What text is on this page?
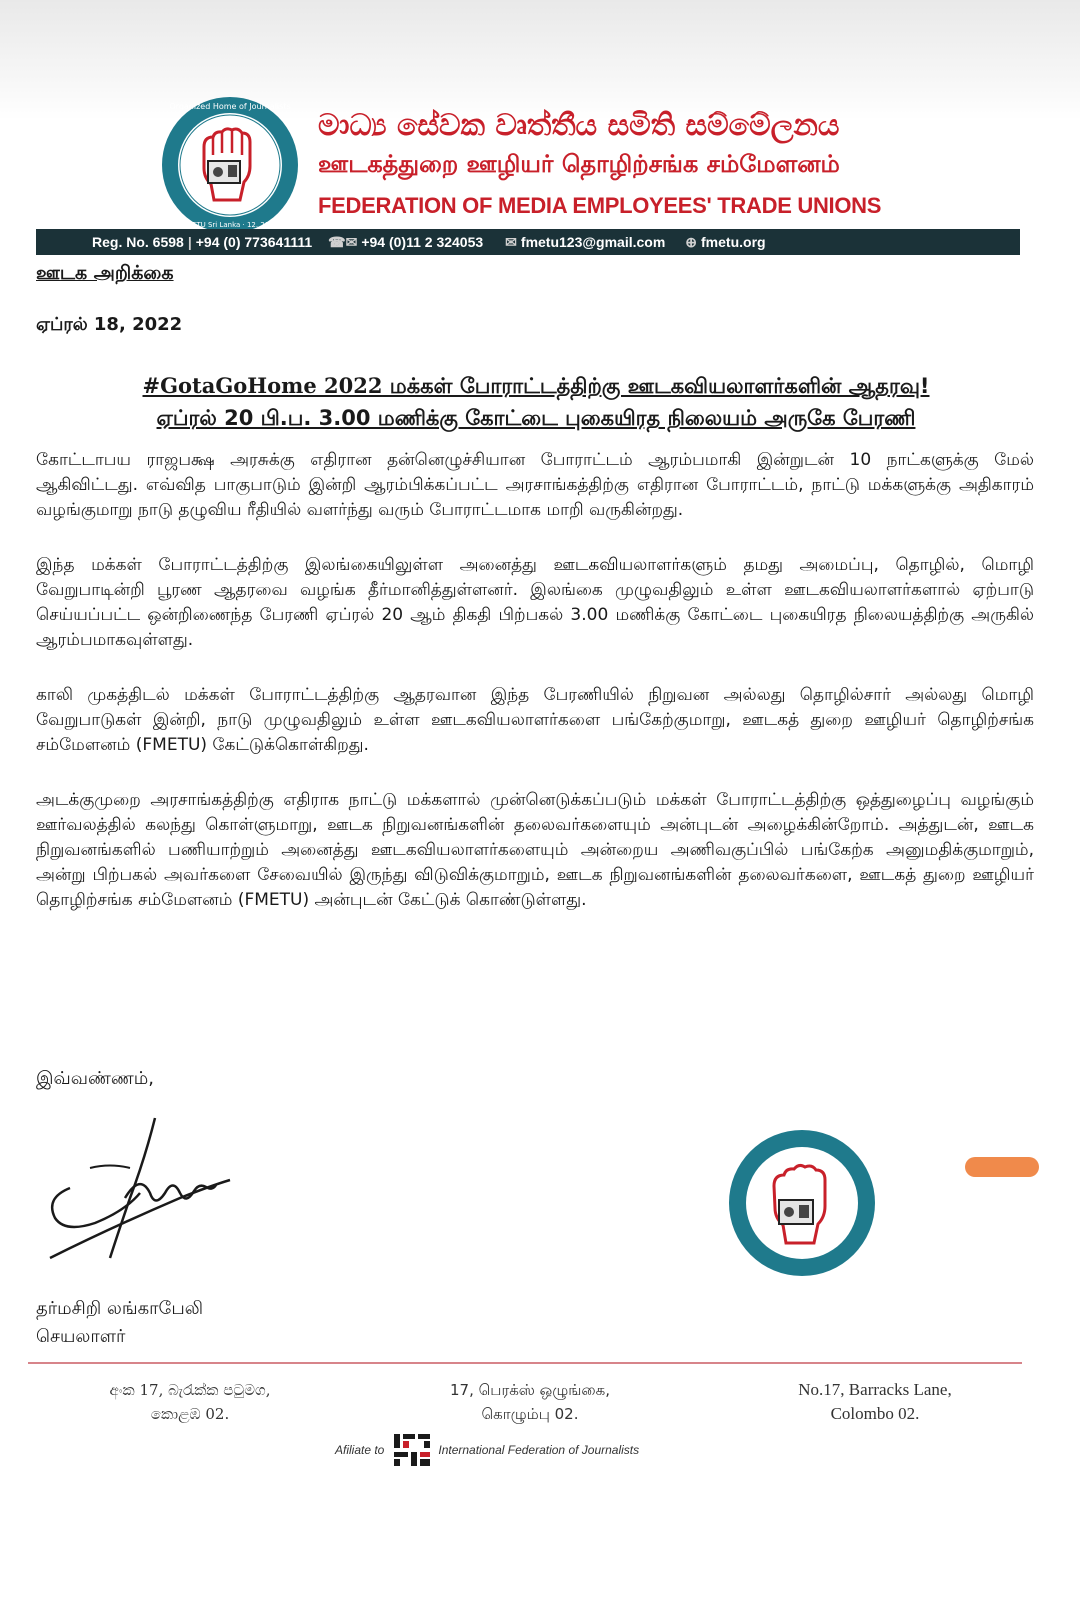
Organized Home of Journalists
FMETU Sri Lanka · 12. 2018
මාධ්‍ය සේවක වෘත්තීය සමිති සම්මේලනය
ஊடகத்துறை ஊழியர் தொழிற்சங்க சம்மேளனம்
FEDERATION OF MEDIA EMPLOYEES' TRADE UNIONS
Reg. No. 6598 | +94 (0) 773641111 ☎✉ +94 (0)11 2 324053 ✉ fmetu123@gmail.com ⊕ fmetu.org
ஊடக அறிக்கை
ஏப்ரல் 18, 2022
#GotaGoHome 2022 மக்கள் போராட்டத்திற்கு ஊடகவியலாளர்களின் ஆதரவு!
ஏப்ரல் 20 பி.ப. 3.00 மணிக்கு கோட்டை புகையிரத நிலையம் அருகே பேரணி

கோட்டாபய ராஜபக்ஷ அரசுக்கு எதிரான தன்னெழுச்சியான போராட்டம் ஆரம்பமாகி இன்றுடன் 10 நாட்களுக்கு மேல் ஆகிவிட்டது. எவ்வித பாகுபாடும் இன்றி ஆரம்பிக்கப்பட்ட அரசாங்கத்திற்கு எதிரான போராட்டம், நாட்டு மக்களுக்கு அதிகாரம் வழங்குமாறு நாடு தழுவிய ரீதியில் வளர்ந்து வரும் போராட்டமாக மாறி வருகின்றது.

இந்த மக்கள் போராட்டத்திற்கு இலங்கையிலுள்ள அனைத்து ஊடகவியலாளர்களும் தமது அமைப்பு, தொழில், மொழி வேறுபாடின்றி பூரண ஆதரவை வழங்க தீர்மானித்துள்ளனர். இலங்கை முழுவதிலும் உள்ள ஊடகவியலாளர்களால் ஏற்பாடு செய்யப்பட்ட ஒன்றிணைந்த பேரணி ஏப்ரல் 20 ஆம் திகதி பிற்பகல் 3.00 மணிக்கு கோட்டை புகையிரத நிலையத்திற்கு அருகில் ஆரம்பமாகவுள்ளது.

காலி முகத்திடல் மக்கள் போராட்டத்திற்கு ஆதரவான இந்த பேரணியில் நிறுவன அல்லது தொழில்சார் அல்லது மொழி வேறுபாடுகள் இன்றி, நாடு முழுவதிலும் உள்ள ஊடகவியலாளர்களை பங்கேற்குமாறு, ஊடகத் துறை ஊழியர் தொழிற்சங்க சம்மேளனம் (FMETU) கேட்டுக்கொள்கிறது.

அடக்குமுறை அரசாங்கத்திற்கு எதிராக நாட்டு மக்களால் முன்னெடுக்கப்படும் மக்கள் போராட்டத்திற்கு ஒத்துழைப்பு வழங்கும் ஊர்வலத்தில் கலந்து கொள்ளுமாறு, ஊடக நிறுவனங்களின் தலைவர்களையும் அன்புடன் அழைக்கின்றோம். அத்துடன், ஊடக நிறுவனங்களில் பணியாற்றும் அனைத்து ஊடகவியலாளர்களையும் அன்றைய அணிவகுப்பில் பங்கேற்க அனுமதிக்குமாறும், அன்று பிற்பகல் அவர்களை சேவையில் இருந்து விடுவிக்குமாறும், ஊடக நிறுவனங்களின் தலைவர்களை, ஊடகத் துறை ஊழியர் தொழிற்சங்க சம்மேளனம் (FMETU) அன்புடன் கேட்டுக் கொண்டுள்ளது.

இவ்வண்ணம்,
தர்மசிறி லங்காபேலி
செயலாளர்
අංක 17, බැරැක්ක පටුමග,
කොළඹ 02.
17, பெரக்ஸ் ஒழுங்கை,
கொழும்பு 02.
No.17, Barracks Lane,
Colombo 02.
Afiliate to	International Federation of Journalists
